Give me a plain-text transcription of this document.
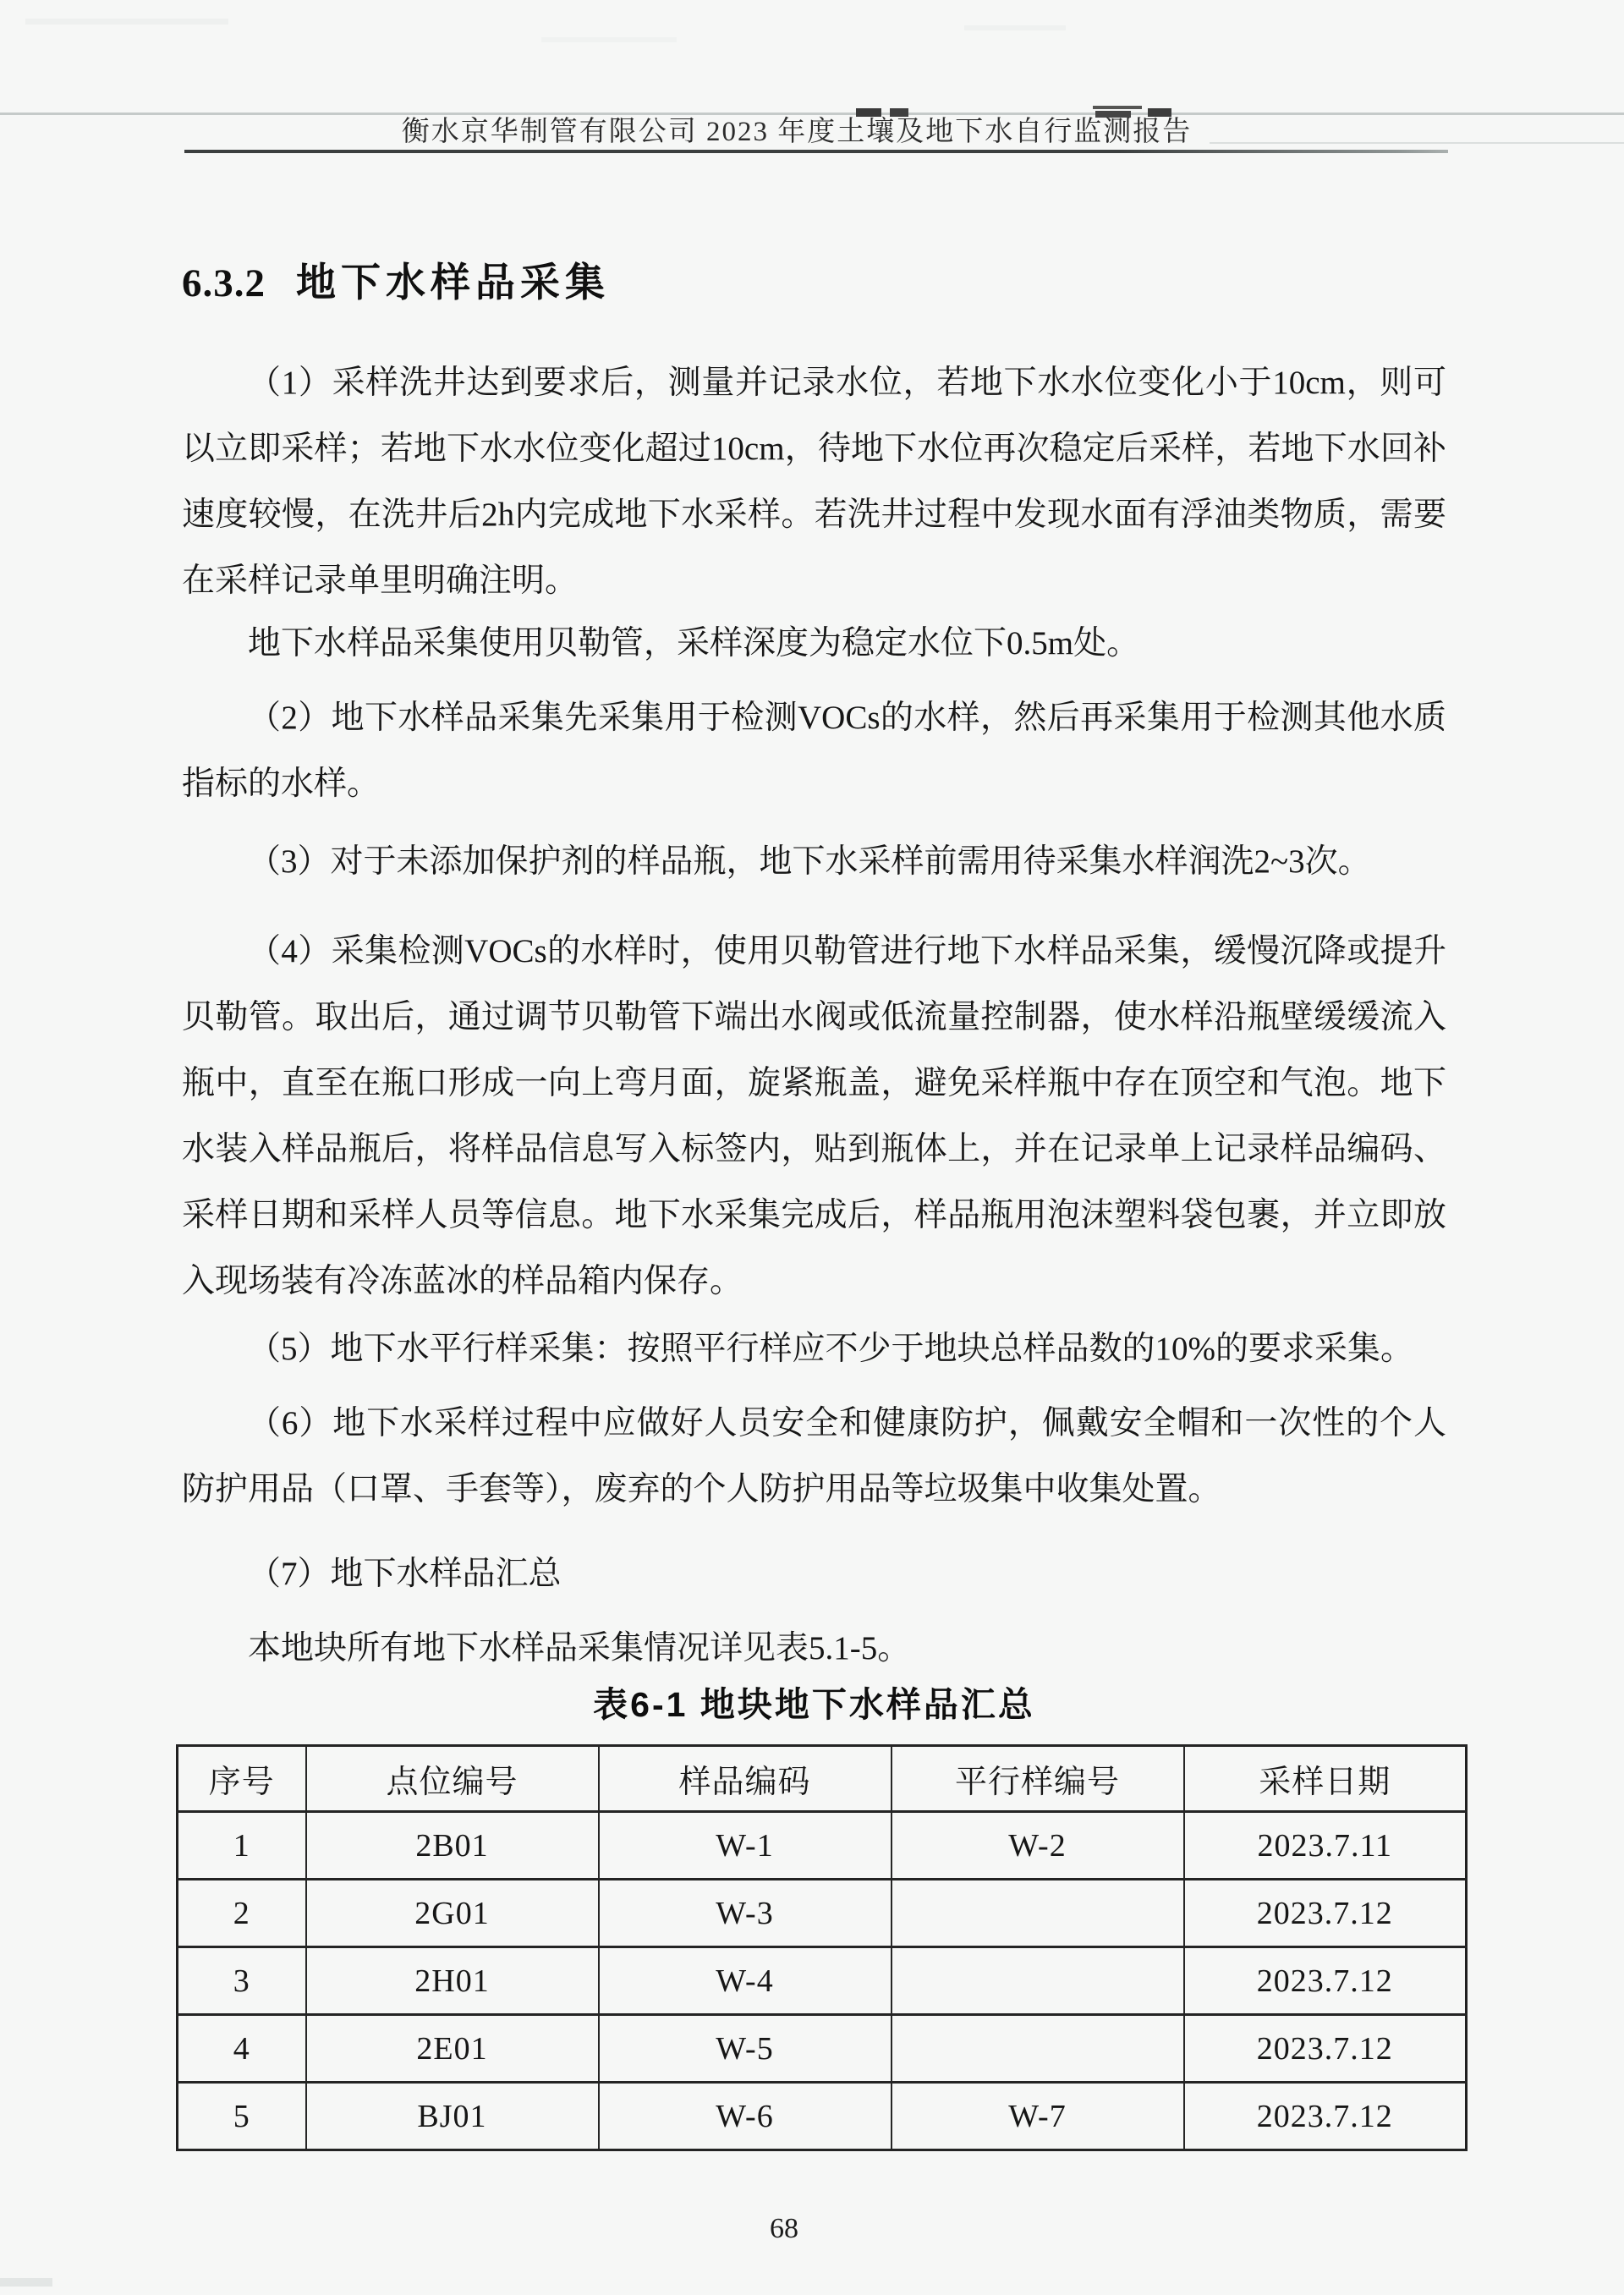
衡水京华制管有限公司 2023 年度土壤及地下水自行监测报告
6.3.2 地下水样品采集
（1）采样洗井达到要求后，测量并记录水位，若地下水水位变化小于10cm，则可以立即采样；若地下水水位变化超过10cm，待地下水位再次稳定后采样，若地下水回补速度较慢，在洗井后2h内完成地下水采样。若洗井过程中发现水面有浮油类物质，需要在采样记录单里明确注明。
地下水样品采集使用贝勒管，采样深度为稳定水位下0.5m处。
（2）地下水样品采集先采集用于检测VOCs的水样，然后再采集用于检测其他水质指标的水样。
（3）对于未添加保护剂的样品瓶，地下水采样前需用待采集水样润洗2~3次。
（4）采集检测VOCs的水样时，使用贝勒管进行地下水样品采集，缓慢沉降或提升贝勒管。取出后，通过调节贝勒管下端出水阀或低流量控制器，使水样沿瓶壁缓缓流入瓶中，直至在瓶口形成一向上弯月面，旋紧瓶盖，避免采样瓶中存在顶空和气泡。地下水装入样品瓶后，将样品信息写入标签内，贴到瓶体上，并在记录单上记录样品编码、采样日期和采样人员等信息。地下水采集完成后，样品瓶用泡沫塑料袋包裹，并立即放入现场装有冷冻蓝冰的样品箱内保存。
（5）地下水平行样采集：按照平行样应不少于地块总样品数的10%的要求采集。
（6）地下水采样过程中应做好人员安全和健康防护，佩戴安全帽和一次性的个人防护用品（口罩、手套等），废弃的个人防护用品等垃圾集中收集处置。
（7）地下水样品汇总
本地块所有地下水样品采集情况详见表5.1-5。
表6-1 地块地下水样品汇总
序号	点位编号	样品编码	平行样编号	采样日期
1	2B01	W-1	W-2	2023.7.11
2	2G01	W-3		2023.7.12
3	2H01	W-4		2023.7.12
4	2E01	W-5		2023.7.12
5	BJ01	W-6	W-7	2023.7.12
68
